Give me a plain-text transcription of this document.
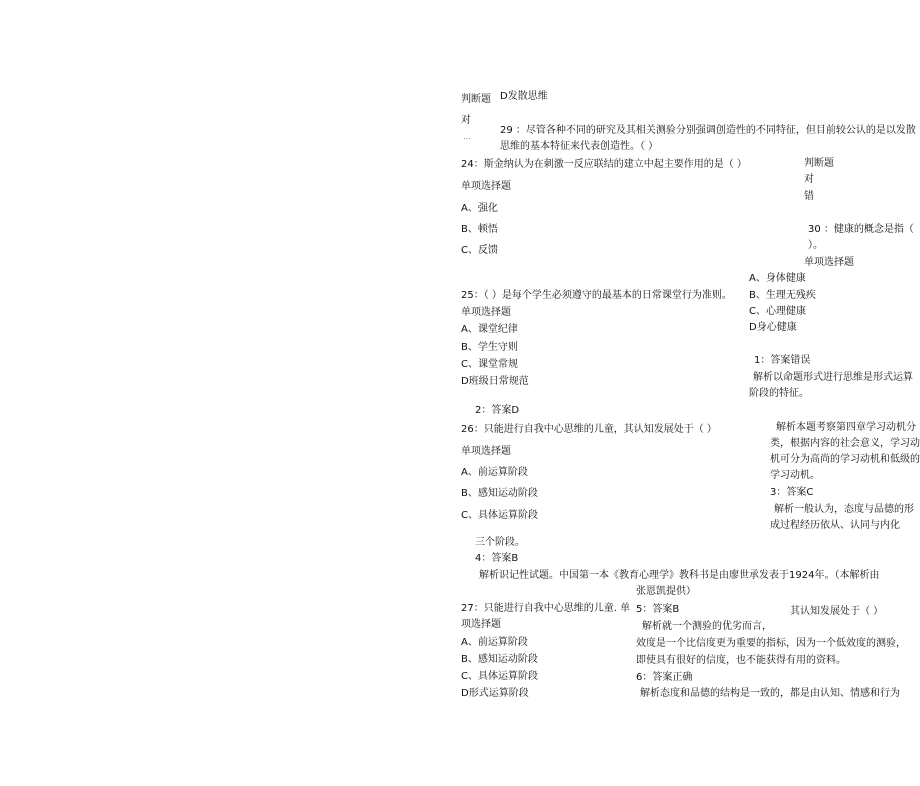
判断题 D发散思维
对
…
29 ：尽管各种不同的研究及其相关测验分别强调创造性的不同特征，但目前较公认的是以发散思维的基本特征来代表创造性。（ ）
24：斯金纳认为在刺激一反应联结的建立中起主要作用的是（ ）	判断题
对
错
单项选择题
A、强化
B、顿悟	30 ：健康的概念是指（ ）。
C、反馈
单项选择题
A、身体健康
25：（ ）是每个学生必须遵守的最基本的日常课堂行为准则。 B、生理无残疾
单项选择题	C、心理健康
A、课堂纪律	D身心健康
B、学生守则
1：答案错误
C、课堂常规
解析以命题形式进行思维是形式运算阶段的特征。
D班级日常规范
2：答案D
解析本题考察第四章学习动机分类，根据内容的社会意义，学习动机可分为高尚的学习动机和低级的学习动机。
26：只能进行自我中心思维的儿童，其认知发展处于（ ）
单项选择题
A、前运算阶段
3：答案C
B、感知运动阶段
解析一般认为，态度与品德的形成过程经历依从、认同与内化
C、具体运算阶段
三个阶段。
4：答案B
解析识记性试题。中国第一本《教育心理学》教科书是由廖世承发表于1924年。（本解析由
张恩凯提供）
27：只能进行自我中心思维的儿童. 单项选择题
5：答案B	其认知发展处于（ ）
解析就一个测验的优劣而言，
A、前运算阶段	效度是一个比信度更为重要的指标，因为一个低效度的测验，
B、感知运动阶段	即使具有很好的信度，也不能获得有用的资料。
C、具体运算阶段	6：答案正确
D形式运算阶段	解析态度和品德的结构是一致的，都是由认知、情感和行为
